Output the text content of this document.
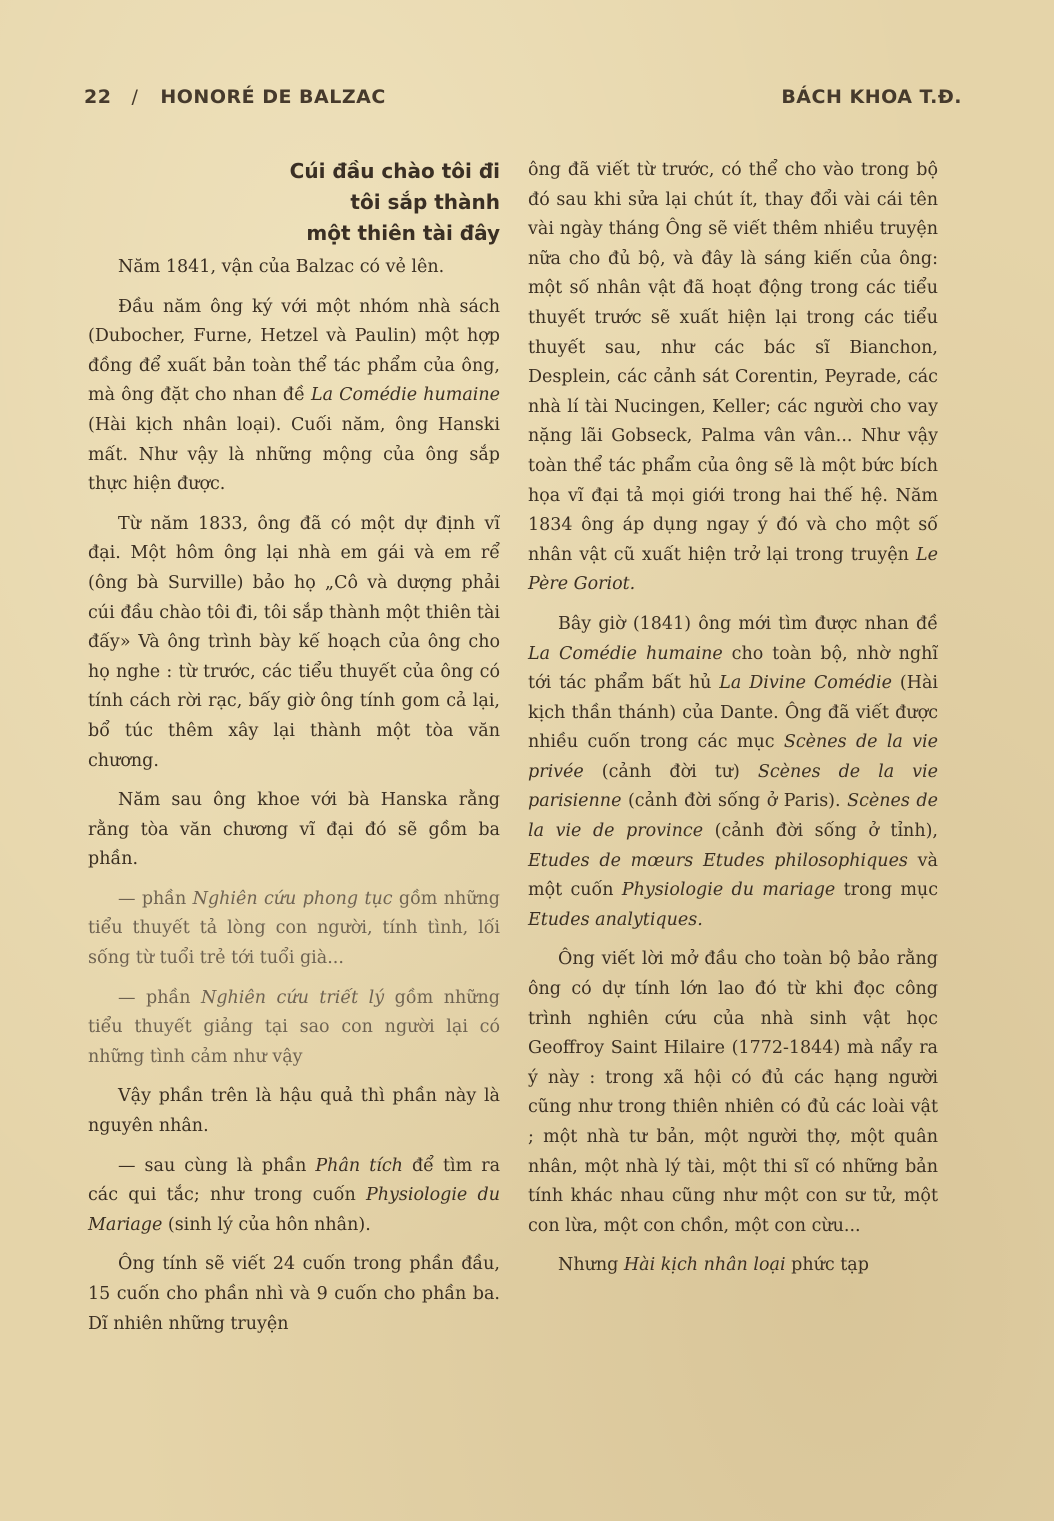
22 / HONORÉ DE BALZAC	BÁCH KHOA T.Đ.
Cúi đầu chào tôi đi
tôi sắp thành
một thiên tài đây

Năm 1841, vận của Balzac có vẻ lên.

Đầu năm ông ký với một nhóm nhà sách (Dubocher, Furne, Hetzel và Paulin) một hợp đồng để xuất bản toàn thể tác phẩm của ông, mà ông đặt cho nhan đề La Comédie humaine (Hài kịch nhân loại). Cuối năm, ông Hanski mất. Như vậy là những mộng của ông sắp thực hiện được.

Từ năm 1833, ông đã có một dự định vĩ đại. Một hôm ông lại nhà em gái và em rể (ông bà Surville) bảo họ „Cô và dượng phải cúi đầu chào tôi đi, tôi sắp thành một thiên tài đấy» Và ông trình bày kế hoạch của ông cho họ nghe : từ trước, các tiểu thuyết của ông có tính cách rời rạc, bấy giờ ông tính gom cả lại, bổ túc thêm xây lại thành một tòa văn chương.

Năm sau ông khoe với bà Hanska rằng rằng tòa văn chương vĩ đại đó sẽ gồm ba phần.

— phần Nghiên cứu phong tục gồm những tiểu thuyết tả lòng con người, tính tình, lối sống từ tuổi trẻ tới tuổi già...

— phần Nghiên cứu triết lý gồm những tiểu thuyết giảng tại sao con người lại có những tình cảm như vậy

Vậy phần trên là hậu quả thì phần này là nguyên nhân.

— sau cùng là phần Phân tích để tìm ra các qui tắc; như trong cuốn Physiologie du Mariage (sinh lý của hôn nhân).

Ông tính sẽ viết 24 cuốn trong phần đầu, 15 cuốn cho phần nhì và 9 cuốn cho phần ba. Dĩ nhiên những truyện

ông đã viết từ trước, có thể cho vào trong bộ đó sau khi sửa lại chút ít, thay đổi vài cái tên vài ngày tháng Ông sẽ viết thêm nhiều truyện nữa cho đủ bộ, và đây là sáng kiến của ông: một số nhân vật đã hoạt động trong các tiểu thuyết trước sẽ xuất hiện lại trong các tiểu thuyết sau, như các bác sĩ Bianchon, Desplein, các cảnh sát Corentin, Peyrade, các nhà lí tài Nucingen, Keller; các người cho vay nặng lãi Gobseck, Palma vân vân... Như vậy toàn thể tác phẩm của ông sẽ là một bức bích họa vĩ đại tả mọi giới trong hai thế hệ. Năm 1834 ông áp dụng ngay ý đó và cho một số nhân vật cũ xuất hiện trở lại trong truyện Le Père Goriot.

Bây giờ (1841) ông mới tìm được nhan đề La Comédie humaine cho toàn bộ, nhờ nghĩ tới tác phẩm bất hủ La Divine Comédie (Hài kịch thần thánh) của Dante. Ông đã viết được nhiều cuốn trong các mục Scènes de la vie privée (cảnh đời tư) Scènes de la vie parisienne (cảnh đời sống ở Paris). Scènes de la vie de province (cảnh đời sống ở tỉnh), Etudes de mœurs Etudes philosophiques và một cuốn Physiologie du mariage trong mục Etudes analytiques.

Ông viết lời mở đầu cho toàn bộ bảo rằng ông có dự tính lớn lao đó từ khi đọc công trình nghiên cứu của nhà sinh vật học Geoffroy Saint Hilaire (1772-1844) mà nẩy ra ý này : trong xã hội có đủ các hạng người cũng như trong thiên nhiên có đủ các loài vật ; một nhà tư bản, một người thợ, một quân nhân, một nhà lý tài, một thi sĩ có những bản tính khác nhau cũng như một con sư tử, một con lừa, một con chồn, một con cừu...

Nhưng Hài kịch nhân loại phức tạp
